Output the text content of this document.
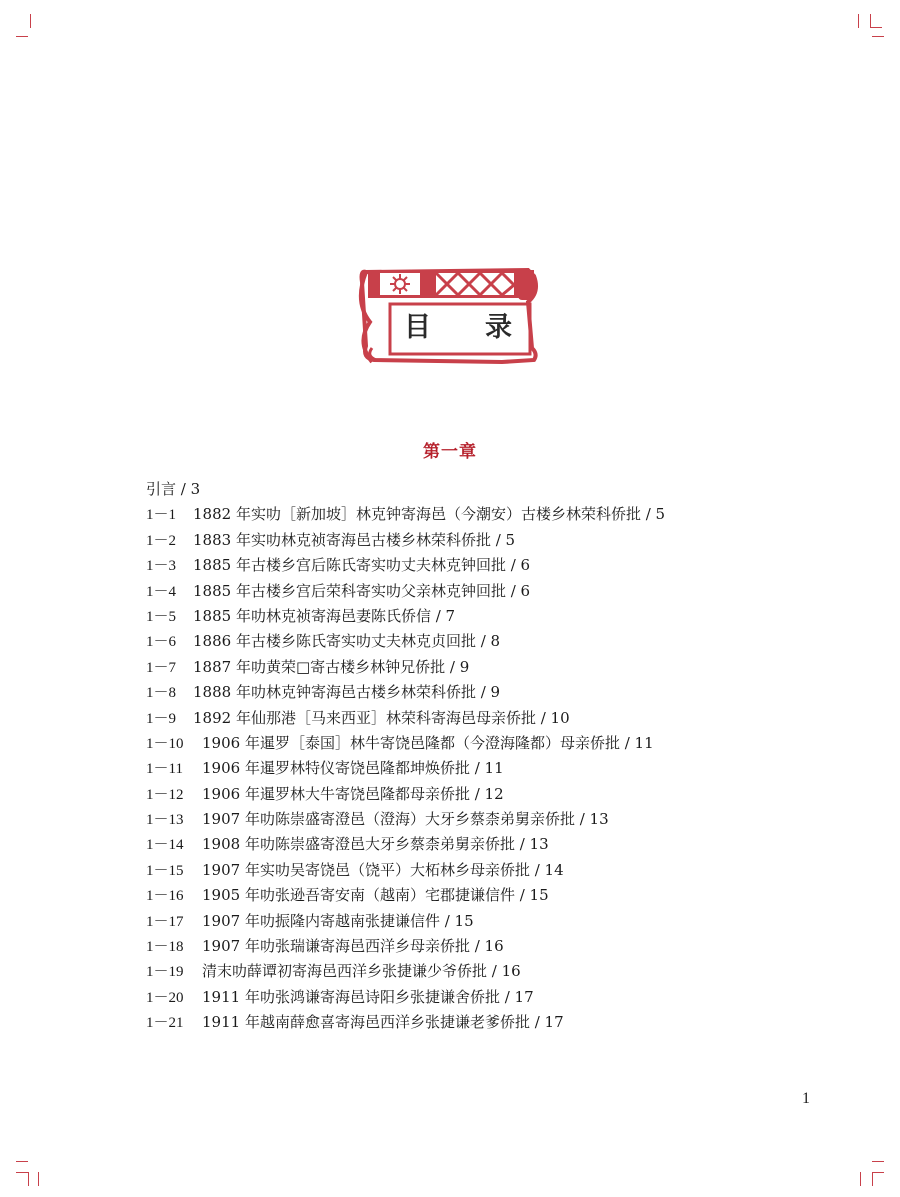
目　　录
第一章
引言 / 3
1－1 1882 年实叻［新加坡］林克钟寄海邑（今潮安）古楼乡林荣科侨批 / 5
1－2 1883 年实叻林克祯寄海邑古楼乡林荣科侨批 / 5
1－3 1885 年古楼乡宫后陈氏寄实叻丈夫林克钟回批 / 6
1－4 1885 年古楼乡宫后荣科寄实叻父亲林克钟回批 / 6
1－5 1885 年叻林克祯寄海邑妻陈氏侨信 / 7
1－6 1886 年古楼乡陈氏寄实叻丈夫林克贞回批 / 8
1－7 1887 年叻黄荣□寄古楼乡林钟兄侨批 / 9
1－8 1888 年叻林克钟寄海邑古楼乡林荣科侨批 / 9
1－9 1892 年仙那港［马来西亚］林荣科寄海邑母亲侨批 / 10
1－10 1906 年暹罗［泰国］林牛寄饶邑隆都（今澄海隆都）母亲侨批 / 11
1－11 1906 年暹罗林特仪寄饶邑隆都坤焕侨批 / 11
1－12 1906 年暹罗林大牛寄饶邑隆都母亲侨批 / 12
1－13 1907 年叻陈崇盛寄澄邑（澄海）大牙乡蔡柰弟舅亲侨批 / 13
1－14 1908 年叻陈崇盛寄澄邑大牙乡蔡柰弟舅亲侨批 / 13
1－15 1907 年实叻吴寄饶邑（饶平）大柘林乡母亲侨批 / 14
1－16 1905 年叻张逊吾寄安南（越南）宅郡捷谦信件 / 15
1－17 1907 年叻振隆内寄越南张捷谦信件 / 15
1－18 1907 年叻张瑞谦寄海邑西洋乡母亲侨批 / 16
1－19 清末叻薛谭初寄海邑西洋乡张捷谦少爷侨批 / 16
1－20 1911 年叻张鸿谦寄海邑诗阳乡张捷谦舍侨批 / 17
1－21 1911 年越南薛愈喜寄海邑西洋乡张捷谦老爹侨批 / 17
1
